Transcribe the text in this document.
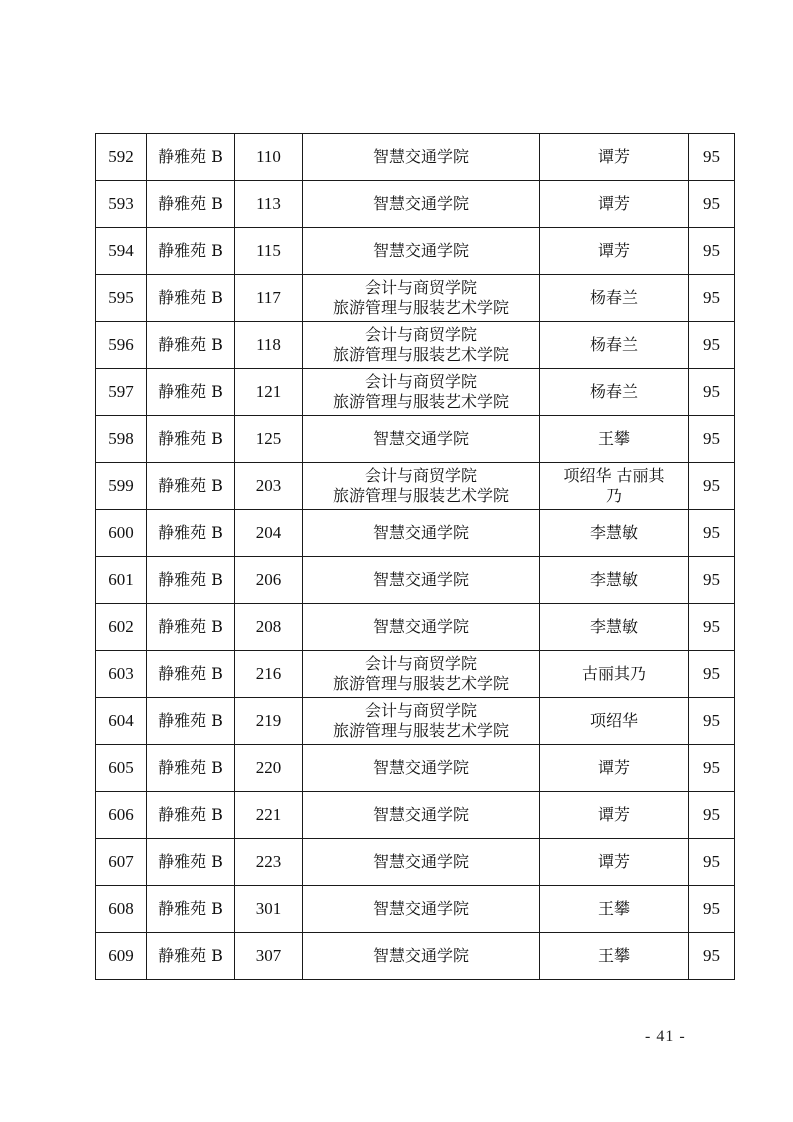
592	静雅苑 B	110	智慧交通学院	谭芳	95
593	静雅苑 B	113	智慧交通学院	谭芳	95
594	静雅苑 B	115	智慧交通学院	谭芳	95
595	静雅苑 B	117	会计与商贸学院
旅游管理与服装艺术学院	杨春兰	95
596	静雅苑 B	118	会计与商贸学院
旅游管理与服装艺术学院	杨春兰	95
597	静雅苑 B	121	会计与商贸学院
旅游管理与服装艺术学院	杨春兰	95
598	静雅苑 B	125	智慧交通学院	王攀	95
599	静雅苑 B	203	会计与商贸学院
旅游管理与服装艺术学院	项绍华 古丽其
乃	95
600	静雅苑 B	204	智慧交通学院	李慧敏	95
601	静雅苑 B	206	智慧交通学院	李慧敏	95
602	静雅苑 B	208	智慧交通学院	李慧敏	95
603	静雅苑 B	216	会计与商贸学院
旅游管理与服装艺术学院	古丽其乃	95
604	静雅苑 B	219	会计与商贸学院
旅游管理与服装艺术学院	项绍华	95
605	静雅苑 B	220	智慧交通学院	谭芳	95
606	静雅苑 B	221	智慧交通学院	谭芳	95
607	静雅苑 B	223	智慧交通学院	谭芳	95
608	静雅苑 B	301	智慧交通学院	王攀	95
609	静雅苑 B	307	智慧交通学院	王攀	95
- 41 -
